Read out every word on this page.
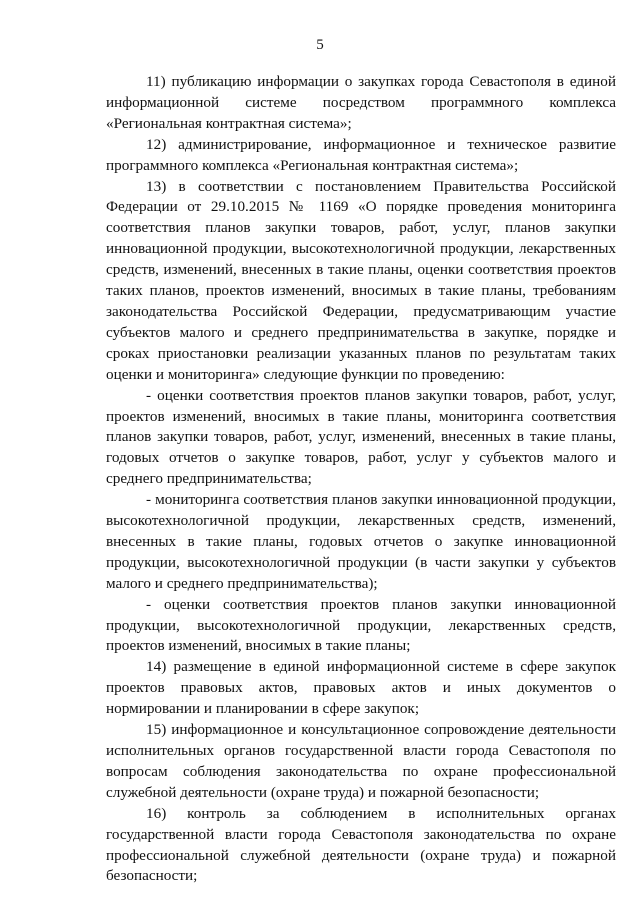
5

11) публикацию информации о закупках города Севастополя в единой информационной системе посредством программного комплекса «Региональная контрактная система»;

12) администрирование, информационное и техническое развитие программного комплекса «Региональная контрактная система»;

13) в соответствии с постановлением Правительства Российской Федерации от 29.10.2015 № 1169 «О порядке проведения мониторинга соответствия планов закупки товаров, работ, услуг, планов закупки инновационной продукции, высокотехнологичной продукции, лекарственных средств, изменений, внесенных в такие планы, оценки соответствия проектов таких планов, проектов изменений, вносимых в такие планы, требованиям законодательства Российской Федерации, предусматривающим участие субъектов малого и среднего предпринимательства в закупке, порядке и сроках приостановки реализации указанных планов по результатам таких оценки и мониторинга» следующие функции по проведению:

- оценки соответствия проектов планов закупки товаров, работ, услуг, проектов изменений, вносимых в такие планы, мониторинга соответствия планов закупки товаров, работ, услуг, изменений, внесенных в такие планы, годовых отчетов о закупке товаров, работ, услуг у субъектов малого и среднего предпринимательства;

- мониторинга соответствия планов закупки инновационной продукции, высокотехнологичной продукции, лекарственных средств, изменений, внесенных в такие планы, годовых отчетов о закупке инновационной продукции, высокотехнологичной продукции (в части закупки у субъектов малого и среднего предпринимательства);

- оценки соответствия проектов планов закупки инновационной продукции, высокотехнологичной продукции, лекарственных средств, проектов изменений, вносимых в такие планы;

14) размещение в единой информационной системе в сфере закупок проектов правовых актов, правовых актов и иных документов о нормировании и планировании в сфере закупок;

15) информационное и консультационное сопровождение деятельности исполнительных органов государственной власти города Севастополя по вопросам соблюдения законодательства по охране профессиональной служебной деятельности (охране труда) и пожарной безопасности;

16) контроль за соблюдением в исполнительных органах государственной власти города Севастополя законодательства по охране профессиональной служебной деятельности (охране труда) и пожарной безопасности;
